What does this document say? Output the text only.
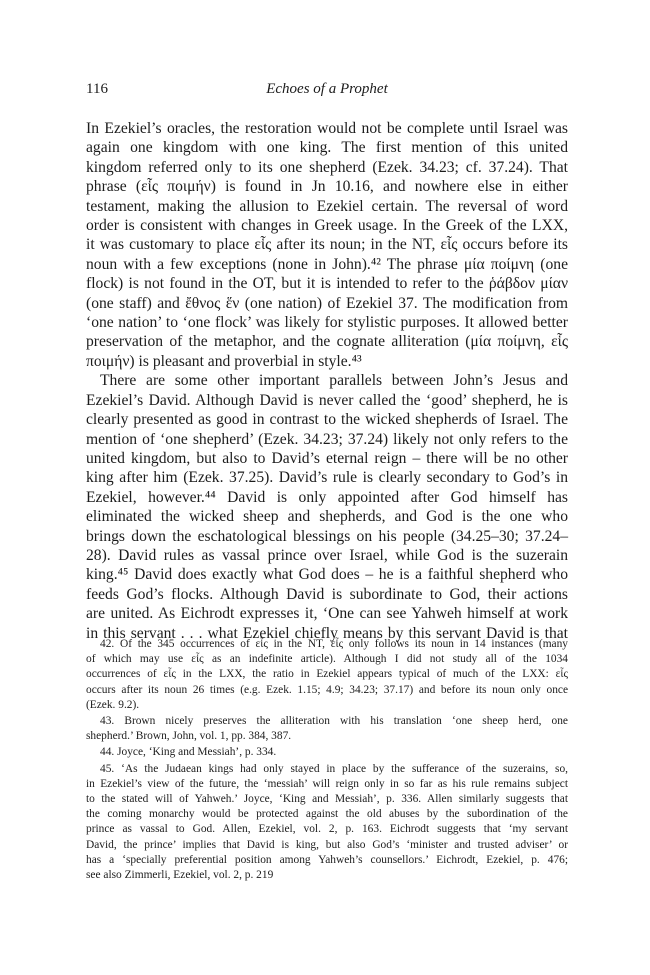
116	Echoes of a Prophet
In Ezekiel’s oracles, the restoration would not be complete until Israel was
again one kingdom with one king. The first mention of this united
kingdom referred only to its one shepherd (Ezek. 34.23; cf. 37.24). That
phrase (εἷς ποιμήν) is found in Jn 10.16, and nowhere else in either
testament, making the allusion to Ezekiel certain. The reversal of word
order is consistent with changes in Greek usage. In the Greek of the LXX,
it was customary to place εἷς after its noun; in the NT, εἷς occurs before its
noun with a few exceptions (none in John).⁴² The phrase μία ποίμνη (one
flock) is not found in the OT, but it is intended to refer to the ῥάβδον μίαν
(one staff) and ἔθνος ἕν (one nation) of Ezekiel 37. The modification from
‘one nation’ to ‘one flock’ was likely for stylistic purposes. It allowed better
preservation of the metaphor, and the cognate alliteration (μία ποίμνη, εἷς
ποιμήν) is pleasant and proverbial in style.⁴³
There are some other important parallels between John’s Jesus and
Ezekiel’s David. Although David is never called the ‘good’ shepherd, he is
clearly presented as good in contrast to the wicked shepherds of Israel. The
mention of ‘one shepherd’ (Ezek. 34.23; 37.24) likely not only refers to the
united kingdom, but also to David’s eternal reign – there will be no other
king after him (Ezek. 37.25). David’s rule is clearly secondary to God’s in
Ezekiel, however.⁴⁴ David is only appointed after God himself has
eliminated the wicked sheep and shepherds, and God is the one who
brings down the eschatological blessings on his people (34.25–30; 37.24–
28). David rules as vassal prince over Israel, while God is the suzerain
king.⁴⁵ David does exactly what God does – he is a faithful shepherd who
feeds God’s flocks. Although David is subordinate to God, their actions
are united. As Eichrodt expresses it, ‘One can see Yahweh himself at work
in this servant . . . what Ezekiel chiefly means by this servant David is that
42. Of the 345 occurrences of εἷς in the NT, εἷς only follows its noun in 14 instances (many
of which may use εἷς as an indefinite article). Although I did not study all of the 1034
occurrences of εἷς in the LXX, the ratio in Ezekiel appears typical of much of the LXX: εἷς
occurs after its noun 26 times (e.g. Ezek. 1.15; 4.9; 34.23; 37.17) and before its noun only once
(Ezek. 9.2).
43. Brown nicely preserves the alliteration with his translation ‘one sheep herd, one
shepherd.’ Brown, John, vol. 1, pp. 384, 387.
44. Joyce, ‘King and Messiah’, p. 334.
45. ‘As the Judaean kings had only stayed in place by the sufferance of the suzerains, so,
in Ezekiel’s view of the future, the ‘messiah’ will reign only in so far as his rule remains subject
to the stated will of Yahweh.’ Joyce, ‘King and Messiah’, p. 336. Allen similarly suggests that
the coming monarchy would be protected against the old abuses by the subordination of the
prince as vassal to God. Allen, Ezekiel, vol. 2, p. 163. Eichrodt suggests that ‘my servant
David, the prince’ implies that David is king, but also God’s ‘minister and trusted adviser’ or
has a ‘specially preferential position among Yahweh’s counsellors.’ Eichrodt, Ezekiel, p. 476;
see also Zimmerli, Ezekiel, vol. 2, p. 219
